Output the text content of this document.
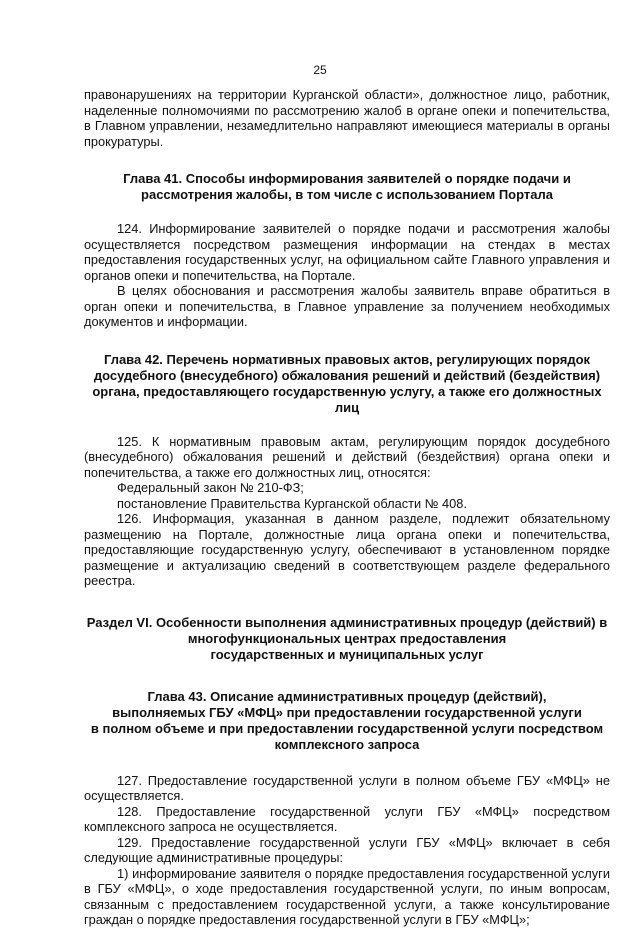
25

правонарушениях на территории Курганской области», должностное лицо, работник, наделенные полномочиями по рассмотрению жалоб в органе опеки и попечительства, в Главном управлении, незамедлительно направляют имеющиеся материалы в органы прокуратуры.

Глава 41. Способы информирования заявителей о порядке подачи и
рассмотрения жалобы, в том числе с использованием Портала

124. Информирование заявителей о порядке подачи и рассмотрения жалобы осуществляется посредством размещения информации на стендах в местах предоставления государственных услуг, на официальном сайте Главного управления и органов опеки и попечительства, на Портале.

В целях обоснования и рассмотрения жалобы заявитель вправе обратиться в орган опеки и попечительства, в Главное управление за получением необходимых документов и информации.

Глава 42. Перечень нормативных правовых актов, регулирующих порядок
досудебного (внесудебного) обжалования решений и действий (бездействия)
органа, предоставляющего государственную услугу, а также его должностных лиц

125. К нормативным правовым актам, регулирующим порядок досудебного (внесудебного) обжалования решений и действий (бездействия) органа опеки и попечительства, а также его должностных лиц, относятся:

Федеральный закон № 210-ФЗ;

постановление Правительства Курганской области № 408.

126. Информация, указанная в данном разделе, подлежит обязательному размещению на Портале, должностные лица органа опеки и попечительства, предоставляющие государственную услугу, обеспечивают в установленном порядке размещение и актуализацию сведений в соответствующем разделе федерального реестра.

Раздел VI. Особенности выполнения административных процедур (действий) в
многофункциональных центрах предоставления
государственных и муниципальных услуг
Глава 43. Описание административных процедур (действий),
выполняемых ГБУ «МФЦ» при предоставлении государственной услуги
в полном объеме и при предоставлении государственной услуги посредством
комплексного запроса

127. Предоставление государственной услуги в полном объеме ГБУ «МФЦ» не осуществляется.

128. Предоставление государственной услуги ГБУ «МФЦ» посредством комплексного запроса не осуществляется.

129. Предоставление государственной услуги ГБУ «МФЦ» включает в себя следующие административные процедуры:

1) информирование заявителя о порядке предоставления государственной услуги в ГБУ «МФЦ», о ходе предоставления государственной услуги, по иным вопросам, связанным с предоставлением государственной услуги, а также консультирование граждан о порядке предоставления государственной услуги в ГБУ «МФЦ»;
